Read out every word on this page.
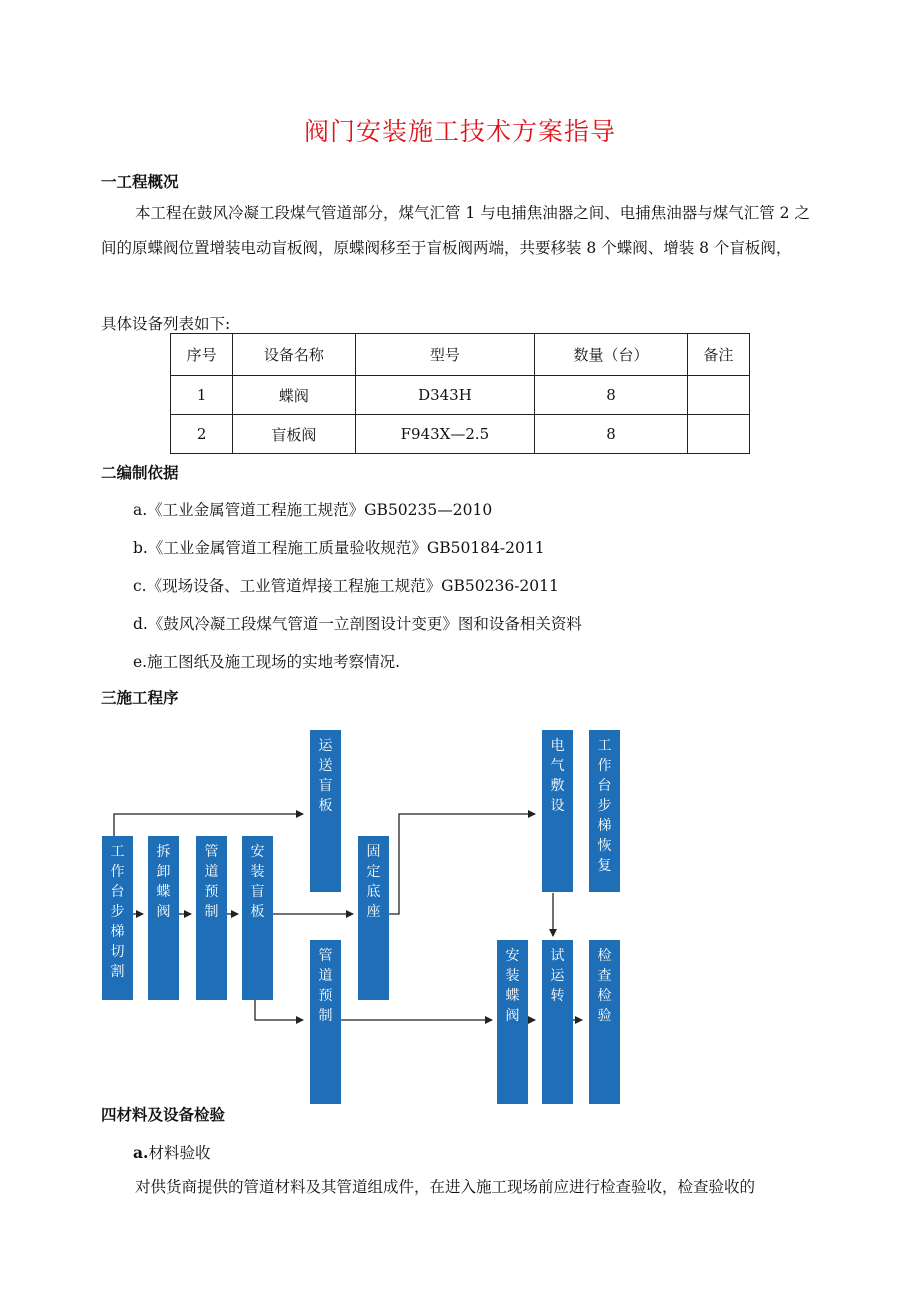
阀门安装施工技术方案指导
一工程概况
本工程在鼓风冷凝工段煤气管道部分，煤气汇管 1 与电捕焦油器之间、电捕焦油器与煤气汇管 2 之间的原蝶阀位置增装电动盲板阀，原蝶阀移至于盲板阀两端，共要移装 8 个蝶阀、增装 8 个盲板阀，
具体设备列表如下:
序号	设备名称	型号	数量（台）	备注
1	蝶阀	D343H	8	
2	盲板阀	F943X—2.5	8	
二编制依据
a.《工业金属管道工程施工规范》GB50235—2010
b.《工业金属管道工程施工质量验收规范》GB50184-2011
c.《现场设备、工业管道焊接工程施工规范》GB50236-2011
d.《鼓风冷凝工段煤气管道一立剖图设计变更》图和设备相关资料
e.施工图纸及施工现场的实地考察情况.
三施工程序
工作台步梯切割
拆卸蝶阀
管道预制
安装盲板
运送盲板
固定底座
管道预制
电气敷设
工作台步梯恢复
安装蝶阀
试运转
检查检验
四材料及设备检验
a.材料验收
对供货商提供的管道材料及其管道组成件，在进入施工现场前应进行检查验收，检查验收的
